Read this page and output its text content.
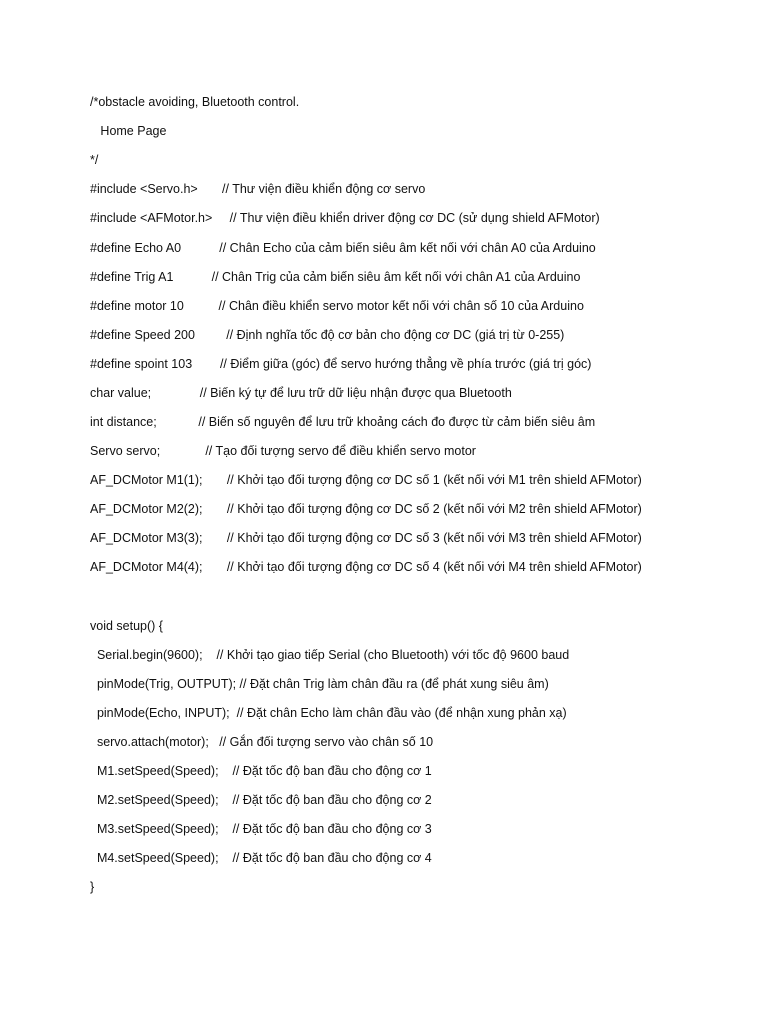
/*obstacle avoiding, Bluetooth control.
Home Page
*/
#include <Servo.h>       // Thư viện điều khiển động cơ servo
#include <AFMotor.h>     // Thư viện điều khiển driver động cơ DC (sử dụng shield AFMotor)
#define Echo A0           // Chân Echo của cảm biến siêu âm kết nối với chân A0 của Arduino
#define Trig A1           // Chân Trig của cảm biến siêu âm kết nối với chân A1 của Arduino
#define motor 10          // Chân điều khiển servo motor kết nối với chân số 10 của Arduino
#define Speed 200         // Định nghĩa tốc độ cơ bản cho động cơ DC (giá trị từ 0-255)
#define spoint 103        // Điểm giữa (góc) để servo hướng thẳng về phía trước (giá trị góc)
char value;              // Biến ký tự để lưu trữ dữ liệu nhận được qua Bluetooth
int distance;            // Biến số nguyên để lưu trữ khoảng cách đo được từ cảm biến siêu âm
Servo servo;             // Tạo đối tượng servo để điều khiển servo motor
AF_DCMotor M1(1);       // Khởi tạo đối tượng động cơ DC số 1 (kết nối với M1 trên shield AFMotor)
AF_DCMotor M2(2);       // Khởi tạo đối tượng động cơ DC số 2 (kết nối với M2 trên shield AFMotor)
AF_DCMotor M3(3);       // Khởi tạo đối tượng động cơ DC số 3 (kết nối với M3 trên shield AFMotor)
AF_DCMotor M4(4);       // Khởi tạo đối tượng động cơ DC số 4 (kết nối với M4 trên shield AFMotor)
void setup() {
Serial.begin(9600);    // Khởi tạo giao tiếp Serial (cho Bluetooth) với tốc độ 9600 baud
pinMode(Trig, OUTPUT); // Đặt chân Trig làm chân đầu ra (để phát xung siêu âm)
pinMode(Echo, INPUT);  // Đặt chân Echo làm chân đầu vào (để nhận xung phản xạ)
servo.attach(motor);   // Gắn đối tượng servo vào chân số 10
M1.setSpeed(Speed);    // Đặt tốc độ ban đầu cho động cơ 1
M2.setSpeed(Speed);    // Đặt tốc độ ban đầu cho động cơ 2
M3.setSpeed(Speed);    // Đặt tốc độ ban đầu cho động cơ 3
M4.setSpeed(Speed);    // Đặt tốc độ ban đầu cho động cơ 4
}
